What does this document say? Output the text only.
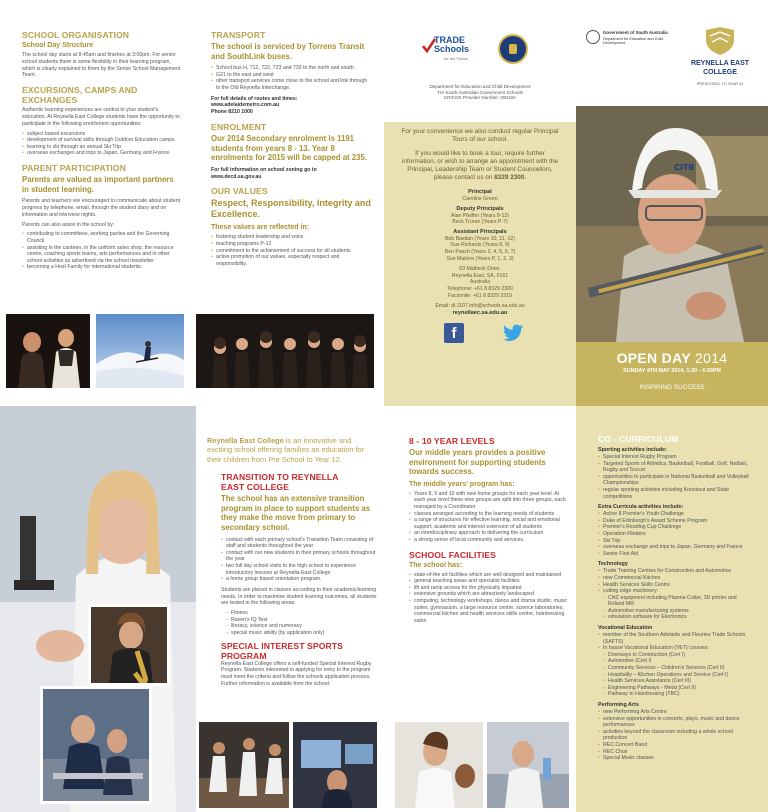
SCHOOL ORGANISATION
School Day Structure
The school day starts at 8:45am and finishes at 3:00pm. For senior school students there is some flexibility in their learning program, which is clearly explained to them by the Senior School Management Team.
EXCURSIONS, CAMPS AND EXCHANGES
Authentic learning experiences are central to your student's education. At Reynella East College students have the opportunity to participate in the following enrichment opportunities:
• subject based excursions
• development of survival skills through Outdoor Education camps
• learning to ski through an annual Ski Trip
• overseas exchanges and trips to Japan, Germany and France.
PARENT PARTICIPATION
Parents are valued as important partners in student learning.
Parents and teachers are encouraged to communicate about student progress by telephone, email, through the student diary and on information and interview nights.
Parents can also assist in the school by:
• contributing to committees, working parties and the Governing Council
• assisting in the canteen, in the uniform sales shop, the resource centre, coaching sports teams, arts performances and in other school activities as advertised via the school newsletter
• becoming a Host Family for international students.
TRANSPORT
The school is serviced by Torrens Transit and SouthLink buses.
• School bus H, 712, 722, 723 and 733 to the north and south
• G21 to the east and west
• other transport services come close to the school and link through to the Old Reynella Interchange.
For full details of routes and times:
www.adelaidemetro.com.au
Phone 8210 1000
ENROLMENT
Our 2014 Secondary enrolment is 1191 students from years 8 - 13. Year 8 enrolments for 2015 will be capped at 235.
For full information on school zoning go to
www.decd.sa.gov.au
OUR VALUES
Respect, Responsibility, Integrity and Excellence.
These values are reflected in:
• fostering student leadership and voice
• teaching programs P-12
• commitment to the achievement of success for all students
• active promotion of our values, especially respect and responsibility.
TRADE Schools
for the Future
Department for Education and Child Development
T/A South Australian Government Schools
CRICOS Provider Number: 00018A
For your convenience we also conduct regular Principal Tours of our school.
If you would like to book a tour, require further information, or wish to arrange an appointment with the Principal, Leadership Team or Student Counsellors, please contact us on 8329 2300.
Principal
Caroline Green
Deputy Principals
Alan Pfeiffer (Years 8-12)
Beck Truran (Years P-7)
Assistant Principals
Bob Bastian (Years 10, 11, 12)
Sue Richards (Years 8, 9)
Ben Pasch (Years 3, 4, 5, 6, 7)
Sue Malone (Years P, 1, 2, 3)
63 Malbeck Drive,
Reynella East, SA, 5161
Australia
Telephone: +61 8 8329 2300
Facsimile: +61 8 8329 2319
Email: dl.1107.info@schools.sa.edu.au
reynellaec.sa.edu.au
f
Government of South Australia
Department for Education and Child Development
REYNELLA EAST
COLLEGE
PRESCHOOL TO YEAR 12
CITB
OPEN DAY 2014
SUNDAY 4TH MAY 2014, 1:30 - 4:30PM
INSPIRING SUCCESS
Reynella East College is an innovative and exciting school offering families an education for their children from Pre School to Year 12.
TRANSITION TO REYNELLA EAST COLLEGE
The school has an extensive transition program in place to support students as they make the move from primary to secondary school.
• contact with each primary school's Transition Team consisting of staff and students throughout the year
• contact with our new students in their primary schools throughout the year
• two full day school visits to the high school to experience introductory lessons at Reynella East College
• a home group based orientation program.
Students are placed in classes according to their academic/learning needs. In order to maximise student learning outcomes, all students are tested in the following areas:
– Fitness
– Raven's IQ Test
– literacy, science and numeracy
– special music ability (by application only)
SPECIAL INTEREST SPORTS PROGRAM
Reynella East College offers a self-funded Special Interest Rugby Program. Students interested in applying for entry to the program must meet the criteria and follow the schools application process. Further information is available from the school.
8 - 10 YEAR LEVELS
Our middle years provides a positive environment for supporting students towards success.
The middle years' program has:
• Years 8, 9 and 10 with new home groups for each year level. At each year level these nine groups are split into three groups, each managed by a Coordinator
• classes arranged according to the learning needs of students
• a range of structures for effective learning, social and emotional support, academic and interest extension of all students
• an interdisciplinary approach to delivering the curriculum
• a strong sense of local community and services.
SCHOOL FACILITIES
The school has:
• state-of-the art facilities which are well designed and maintained
• general teaching areas and specialist facilities
• lift and ramp access for the physically impaired
• extensive grounds which are attractively landscaped
• computing, technology workshops, dance and drama studio, music suites, gymnasium, a large resource centre, science laboratories, commercial kitchen and health services skills centre, hairdressing salon
CO - CURRICULUM
Sporting activities include:
• Special Interest Rugby Program
• Targeted Sports of Athletics, Basketball, Football, Golf, Netball, Rugby and Soccer
• opportunities to participate in National Basketball and Volleyball Championships
• regular sporting activities including Knockout and State competitions
Extra Curricula activities include:
• Active 8 Premier's Youth Challenge
• Duke of Edinburgh's Award Scheme Program
• Premier's Reading Cup Challenge
• Operation Flinders
• Ski Trip
• overseas exchange and trips to Japan, Germany and France
• Senior First Aid
Technology
• Trade Training Centres for Construction and Automotive
• new Commercial Kitchen
• Health Services Skills Centre
• cutting edge machinery:
– CNC equipment including Plasma Cutter, 3D printer and Roland Mill
– Automotive manufacturing systems
– simulation software for Electronics
Vocational Education
• member of the Southern Adelaide and Fleurieu Trade Schools (SAFTS)
• In house Vocational Education (VET) courses:
– Doorways to Construction (Cert I)
– Automotive (Cert I)
– Community Services – Children's Services (Cert II)
– Hospitality – Kitchen Operations and Service (Cert I)
– Health Services Assistance (Cert III)
– Engineering Pathways - Metal (Cert II)
– Pathway to Hairdressing (TBC)
Performing Arts
• new Performing Arts Centre
• extensive opportunities in concerts, plays, music and dance performances
• activities beyond the classroom including a whole school production
• REC Concert Band
• REC Choir
• Special Music classes
